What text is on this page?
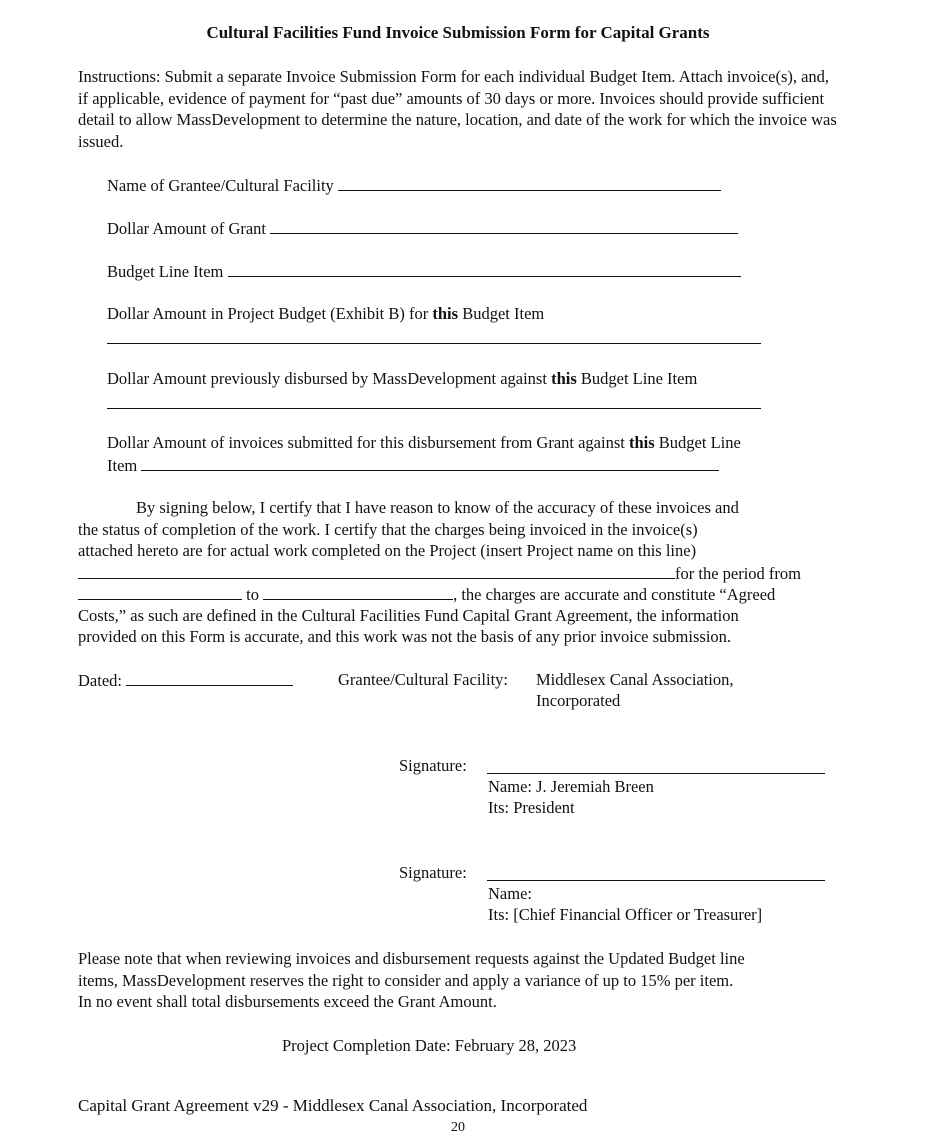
Cultural Facilities Fund Invoice Submission Form for Capital Grants
Instructions: Submit a separate Invoice Submission Form for each individual Budget Item. Attach invoice(s), and, if applicable, evidence of payment for “past due” amounts of 30 days or more. Invoices should provide sufficient detail to allow MassDevelopment to determine the nature, location, and date of the work for which the invoice was issued.
Name of Grantee/Cultural Facility
Dollar Amount of Grant
Budget Line Item
Dollar Amount in Project Budget (Exhibit B) for this Budget Item
Dollar Amount previously disbursed by MassDevelopment against this Budget Line Item
Dollar Amount of invoices submitted for this disbursement from Grant against this Budget Line
Item
By signing below, I certify that I have reason to know of the accuracy of these invoices and
the status of completion of the work. I certify that the charges being invoiced in the invoice(s)
attached hereto are for actual work completed on the Project (insert Project name on this line)
for the period from
to	, the charges are accurate and constitute “Agreed
Costs,” as such are defined in the Cultural Facilities Fund Capital Grant Agreement, the information
provided on this Form is accurate, and this work was not the basis of any prior invoice submission.
Dated:	Grantee/Cultural Facility: Middlesex Canal Association,
Incorporated
Signature:
Name: J. Jeremiah Breen
Its: President
Signature:
Name:
Its: [Chief Financial Officer or Treasurer]
Please note that when reviewing invoices and disbursement requests against the Updated Budget line
items, MassDevelopment reserves the right to consider and apply a variance of up to 15% per item.
In no event shall total disbursements exceed the Grant Amount.
Project Completion Date: February 28, 2023
Capital Grant Agreement v29 - Middlesex Canal Association, Incorporated
20
